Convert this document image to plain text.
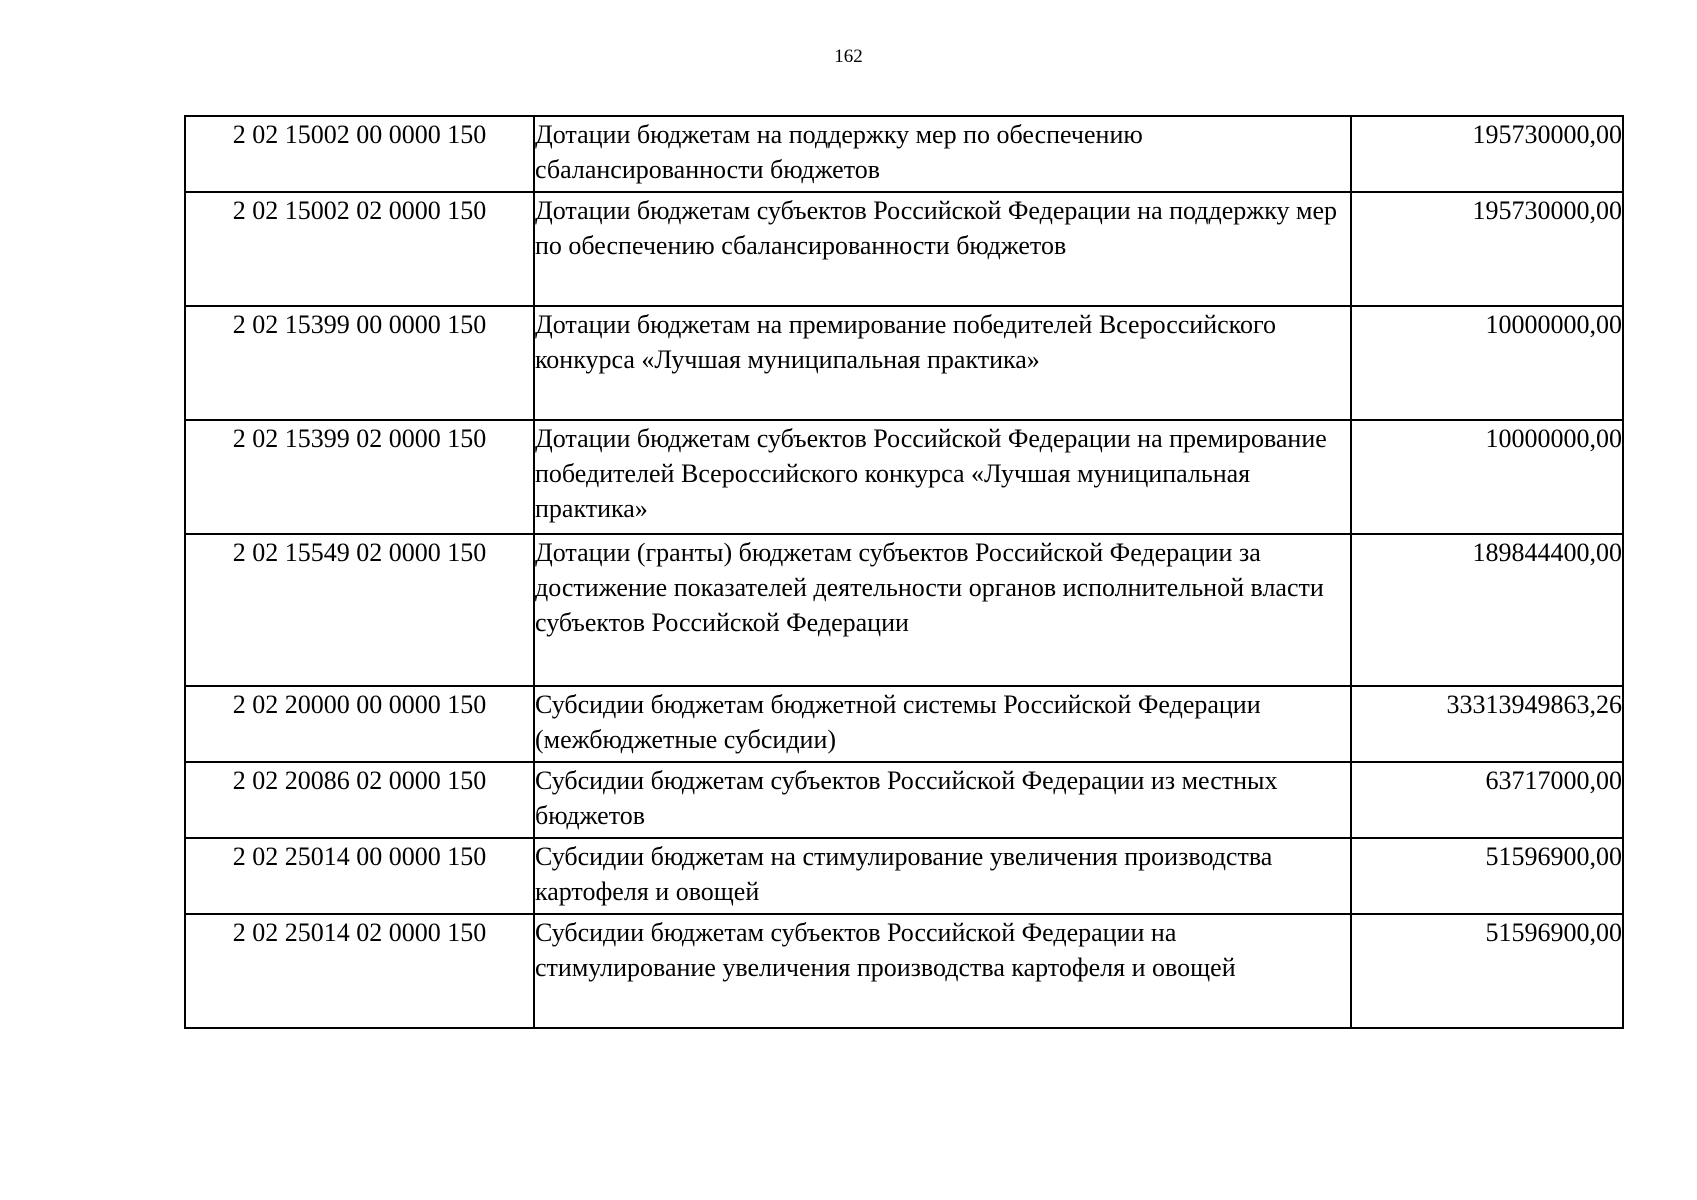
162
2 02 15002 00 0000 150	Дотации бюджетам на поддержку мер по обеспечению сбалансированности бюджетов	195730000,00
2 02 15002 02 0000 150	Дотации бюджетам субъектов Российской Федерации на поддержку мер по обеспечению сбалансированности бюджетов	195730000,00
2 02 15399 00 0000 150	Дотации бюджетам на премирование победителей Всероссийского конкурса «Лучшая муниципальная практика»	10000000,00
2 02 15399 02 0000 150	Дотации бюджетам субъектов Российской Федерации на премирование победителей Всероссийского конкурса «Лучшая муниципальная практика»	10000000,00
2 02 15549 02 0000 150	Дотации (гранты) бюджетам субъектов Российской Федерации за достижение показателей деятельности органов исполнительной власти субъектов Российской Федерации	189844400,00
2 02 20000 00 0000 150	Субсидии бюджетам бюджетной системы Российской Федерации (межбюджетные субсидии)	33313949863,26
2 02 20086 02 0000 150	Субсидии бюджетам субъектов Российской Федерации из местных бюджетов	63717000,00
2 02 25014 00 0000 150	Субсидии бюджетам на стимулирование увеличения производства картофеля и овощей	51596900,00
2 02 25014 02 0000 150	Субсидии бюджетам субъектов Российской Федерации на стимулирование увеличения производства картофеля и овощей	51596900,00
